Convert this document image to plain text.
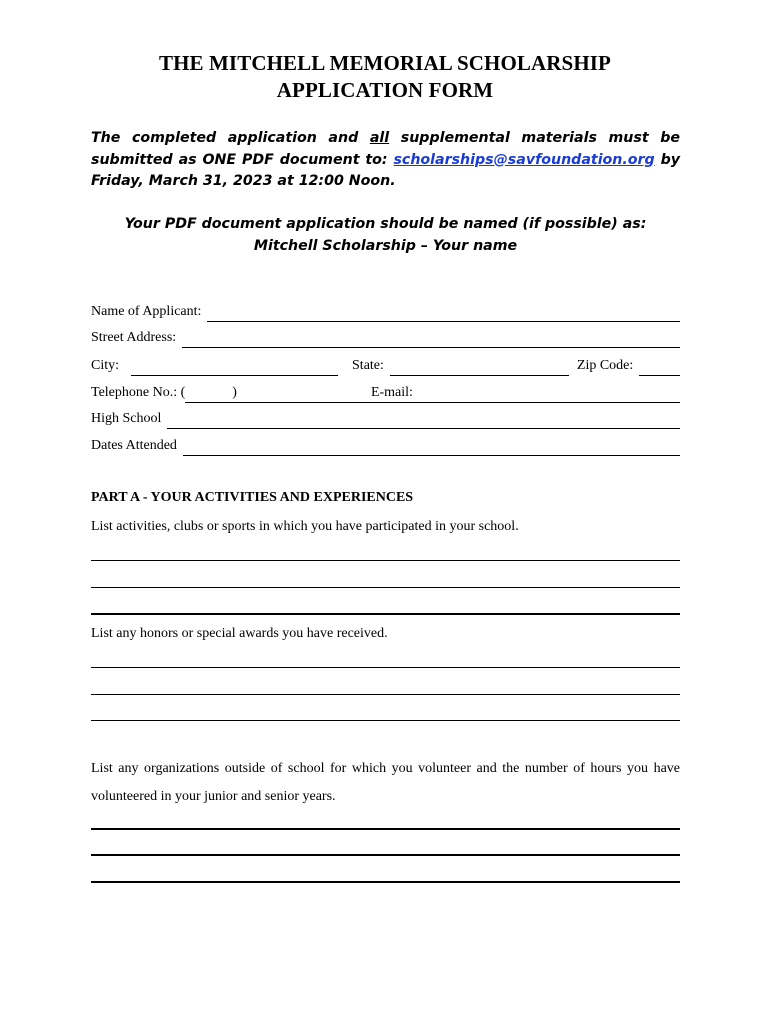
THE MITCHELL MEMORIAL SCHOLARSHIP
APPLICATION FORM
The completed application and all supplemental materials must be submitted as ONE PDF document to: scholarships@savfoundation.org by Friday, March 31, 2023 at 12:00 Noon.
Your PDF document application should be named (if possible) as:
Mitchell Scholarship – Your name
Name of Applicant:
Street Address:
City:	State:	Zip Code:
Telephone No.: (	)	E-mail:
High School
Dates Attended
PART A - YOUR ACTIVITIES AND EXPERIENCES
List activities, clubs or sports in which you have participated in your school.
List any honors or special awards you have received.
List any organizations outside of school for which you volunteer and the number of hours you have volunteered in your junior and senior years.
